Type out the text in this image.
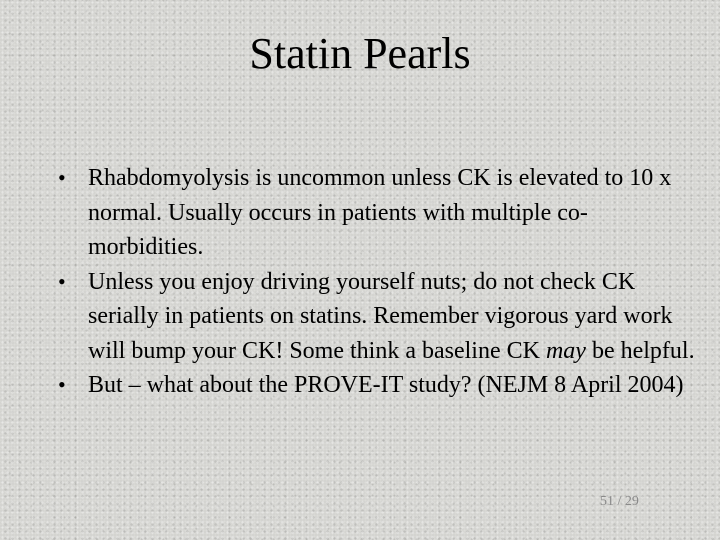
Statin Pearls
• Rhabdomyolysis is uncommon unless CK is elevated to 10 x normal. Usually occurs in patients with multiple co-morbidities.
• Unless you enjoy driving yourself nuts; do not check CK serially in patients on statins. Remember vigorous yard work will bump your CK! Some think a baseline CK may be helpful.
• But – what about the PROVE-IT study? (NEJM 8 April 2004)
51 / 29
